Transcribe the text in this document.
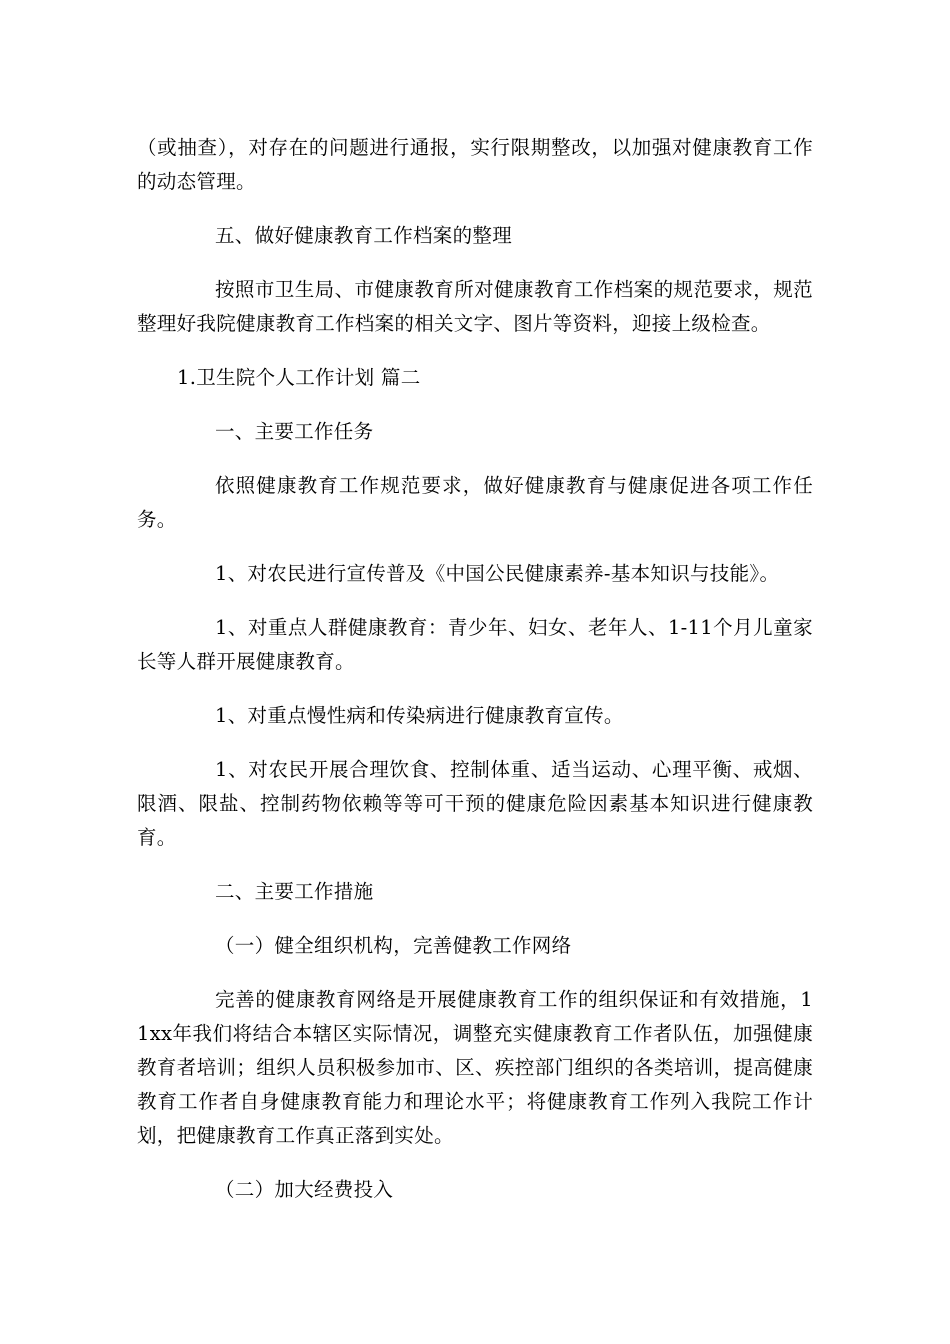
（或抽查），对存在的问题进行通报，实行限期整改，以加强对健康教育工作的动态管理。

五、做好健康教育工作档案的整理

按照市卫生局、市健康教育所对健康教育工作档案的规范要求，规范整理好我院健康教育工作档案的相关文字、图片等资料，迎接上级检查。

1.卫生院个人工作计划 篇二

一、主要工作任务

依照健康教育工作规范要求，做好健康教育与健康促进各项工作任务。

1、对农民进行宣传普及《中国公民健康素养-基本知识与技能》。

1、对重点人群健康教育：青少年、妇女、老年人、1-11个月儿童家长等人群开展健康教育。

1、对重点慢性病和传染病进行健康教育宣传。

1、对农民开展合理饮食、控制体重、适当运动、心理平衡、戒烟、限酒、限盐、控制药物依赖等等可干预的健康危险因素基本知识进行健康教育。

二、主要工作措施

（一）健全组织机构，完善健教工作网络

完善的健康教育网络是开展健康教育工作的组织保证和有效措施，11xx年我们将结合本辖区实际情况，调整充实健康教育工作者队伍，加强健康教育者培训；组织人员积极参加市、区、疾控部门组织的各类培训，提高健康教育工作者自身健康教育能力和理论水平；将健康教育工作列入我院工作计划，把健康教育工作真正落到实处。

（二）加大经费投入
